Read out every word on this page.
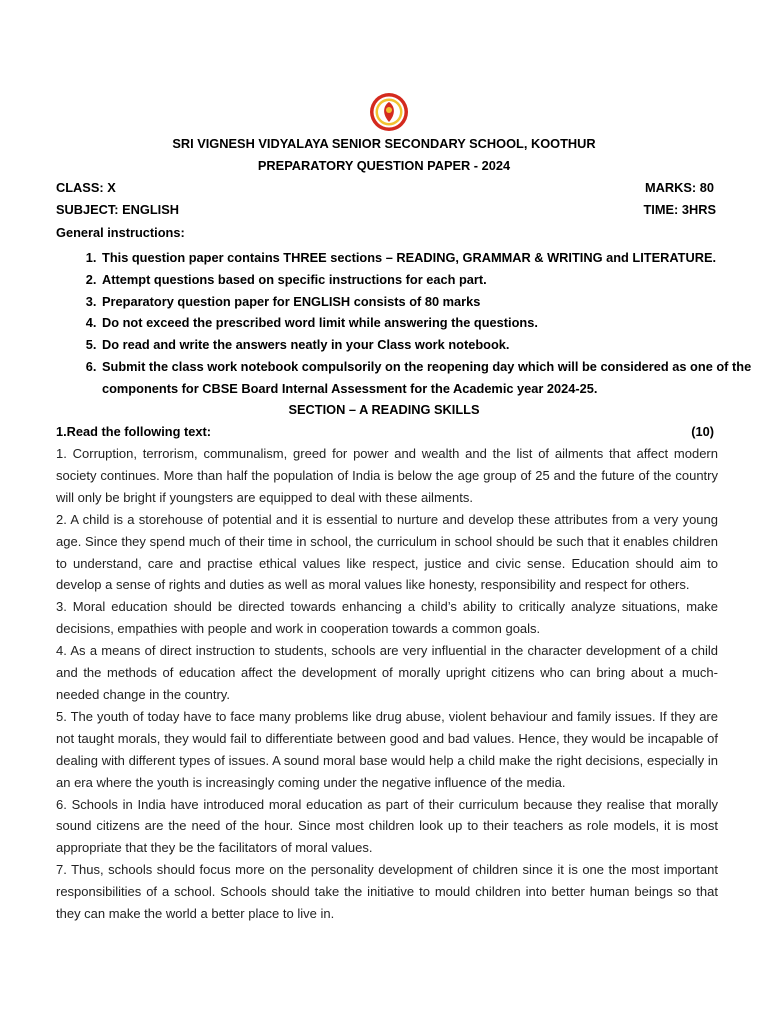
SRI VIGNESH VIDYALAYA SENIOR SECONDARY SCHOOL, KOOTHUR
PREPARATORY QUESTION PAPER - 2024
CLASS: X	MARKS: 80
SUBJECT: ENGLISH	TIME: 3HRS
General instructions:
1. This question paper contains THREE sections – READING, GRAMMAR & WRITING and LITERATURE.
2. Attempt questions based on specific instructions for each part.
3. Preparatory question paper for ENGLISH consists of 80 marks
4. Do not exceed the prescribed word limit while answering the questions.
5. Do read and write the answers neatly in your Class work notebook.
6. Submit the class work notebook compulsorily on the reopening day which will be considered as one of the components for CBSE Board Internal Assessment for the Academic year 2024-25.
SECTION – A READING SKILLS
1.Read the following text:	(10)

1. Corruption, terrorism, communalism, greed for power and wealth and the list of ailments that affect modern society continues. More than half the population of India is below the age group of 25 and the future of the country will only be bright if youngsters are equipped to deal with these ailments.

2. A child is a storehouse of potential and it is essential to nurture and develop these attributes from a very young age. Since they spend much of their time in school, the curriculum in school should be such that it enables children to understand, care and practise ethical values like respect, justice and civic sense. Education should aim to develop a sense of rights and duties as well as moral values like honesty, responsibility and respect for others.

3. Moral education should be directed towards enhancing a child’s ability to critically analyze situations, make decisions, empathies with people and work in cooperation towards a common goals.

4. As a means of direct instruction to students, schools are very influential in the character development of a child and the methods of education affect the development of morally upright citizens who can bring about a much-needed change in the country.

5. The youth of today have to face many problems like drug abuse, violent behaviour and family issues. If they are not taught morals, they would fail to differentiate between good and bad values. Hence, they would be incapable of dealing with different types of issues. A sound moral base would help a child make the right decisions, especially in an era where the youth is increasingly coming under the negative influence of the media.

6. Schools in India have introduced moral education as part of their curriculum because they realise that morally sound citizens are the need of the hour. Since most children look up to their teachers as role models, it is most appropriate that they be the facilitators of moral values.

7. Thus, schools should focus more on the personality development of children since it is one the most important responsibilities of a school. Schools should take the initiative to mould children into better human beings so that they can make the world a better place to live in.
